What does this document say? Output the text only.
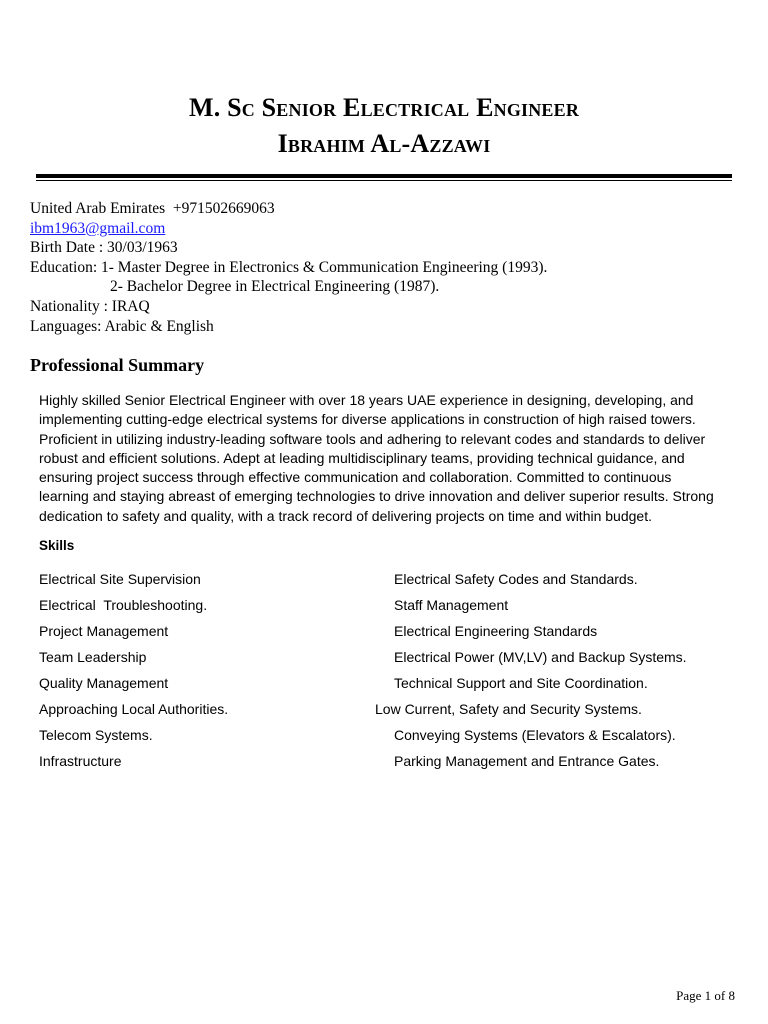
M. Sc Senior Electrical Engineer
Ibrahim Al-Azzawi
United Arab Emirates  +971502669063
ibm1963@gmail.com
Birth Date : 30/03/1963
Education: 1- Master Degree in Electronics & Communication Engineering (1993).
2- Bachelor Degree in Electrical Engineering (1987).
Nationality : IRAQ
Languages: Arabic & English
Professional Summary
Highly skilled Senior Electrical Engineer with over 18 years UAE experience in designing, developing, and
implementing cutting-edge electrical systems for diverse applications in construction of high raised towers.
Proficient in utilizing industry-leading software tools and adhering to relevant codes and standards to deliver
robust and efficient solutions. Adept at leading multidisciplinary teams, providing technical guidance, and
ensuring project success through effective communication and collaboration. Committed to continuous
learning and staying abreast of emerging technologies to drive innovation and deliver superior results. Strong
dedication to safety and quality, with a track record of delivering projects on time and within budget.
Skills
Electrical Site Supervision
Electrical  Troubleshooting.
Project Management
Team Leadership
Quality Management
Approaching Local Authorities.
Telecom Systems.
Infrastructure
Electrical Safety Codes and Standards.
Staff Management
Electrical Engineering Standards
Electrical Power (MV,LV) and Backup Systems.
Technical Support and Site Coordination.
Low Current, Safety and Security Systems.
Conveying Systems (Elevators & Escalators).
Parking Management and Entrance Gates.
Page 1 of 8
